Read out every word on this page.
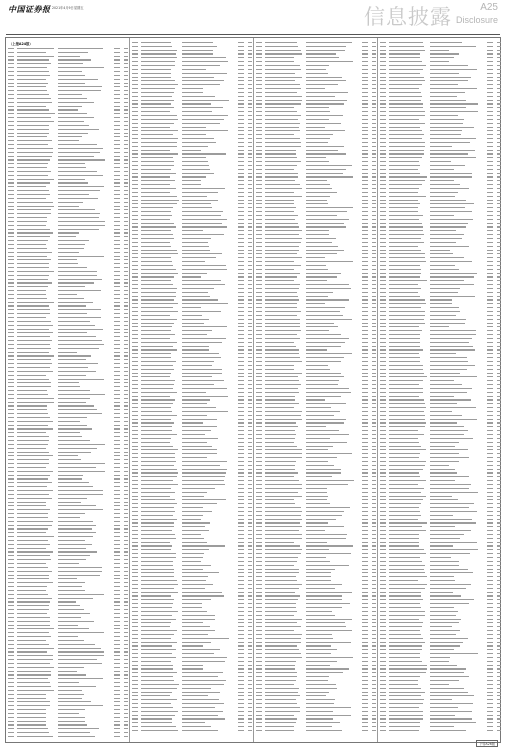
中国证券报 2021年4月9日 星期五	信息披露	A25
Disclosure
（上接A24版）
下转A26版
